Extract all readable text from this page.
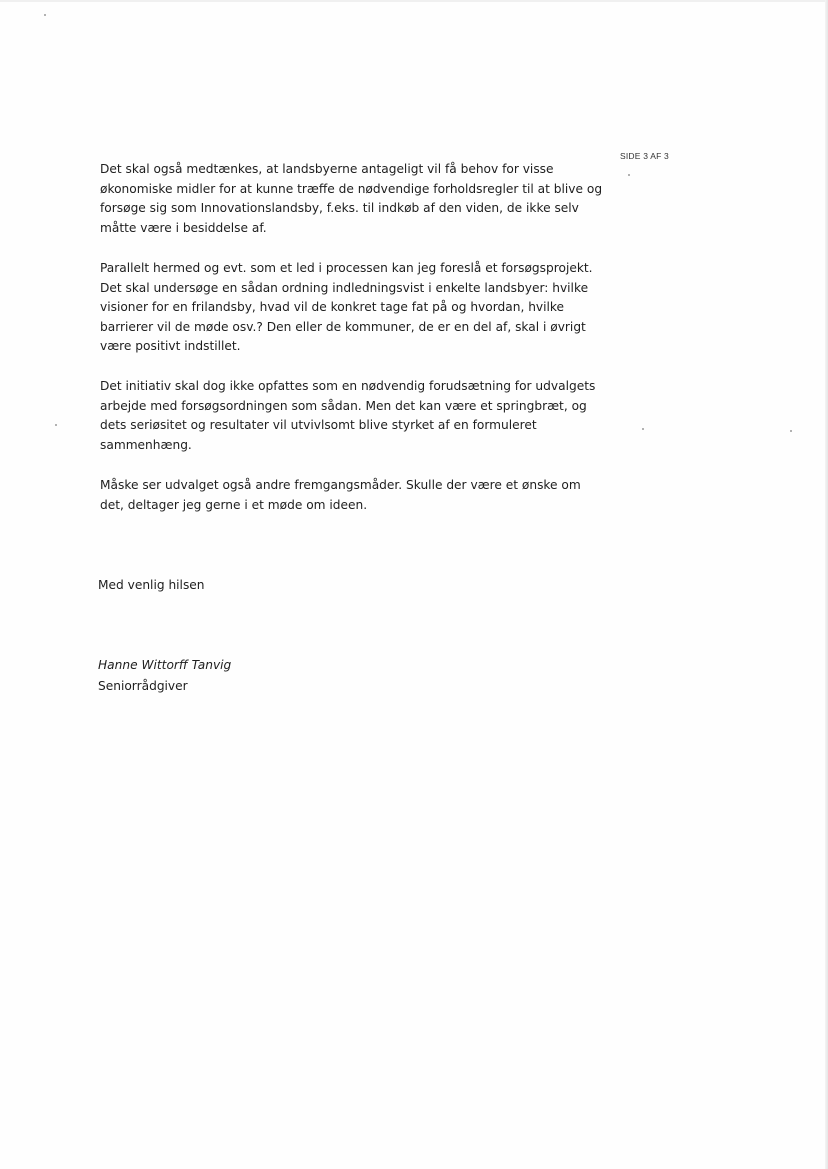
SIDE 3 AF 3

Det skal også medtænkes, at landsbyerne antageligt vil få behov for visse
økonomiske midler for at kunne træffe de nødvendige forholdsregler til at blive og
forsøge sig som Innovationslandsby, f.eks. til indkøb af den viden, de ikke selv
måtte være i besiddelse af.

Parallelt hermed og evt. som et led i processen kan jeg foreslå et forsøgsprojekt.
Det skal undersøge en sådan ordning indledningsvist i enkelte landsbyer: hvilke
visioner for en frilandsby, hvad vil de konkret tage fat på og hvordan, hvilke
barrierer vil de møde osv.? Den eller de kommuner, de er en del af, skal i øvrigt
være positivt indstillet.

Det initiativ skal dog ikke opfattes som en nødvendig forudsætning for udvalgets
arbejde med forsøgsordningen som sådan. Men det kan være et springbræt, og
dets seriøsitet og resultater vil utvivlsomt blive styrket af en formuleret
sammenhæng.

Måske ser udvalget også andre fremgangsmåder. Skulle der være et ønske om
det, deltager jeg gerne i et møde om ideen.

Med venlig hilsen
Hanne Wittorff Tanvig
Seniorrådgiver
